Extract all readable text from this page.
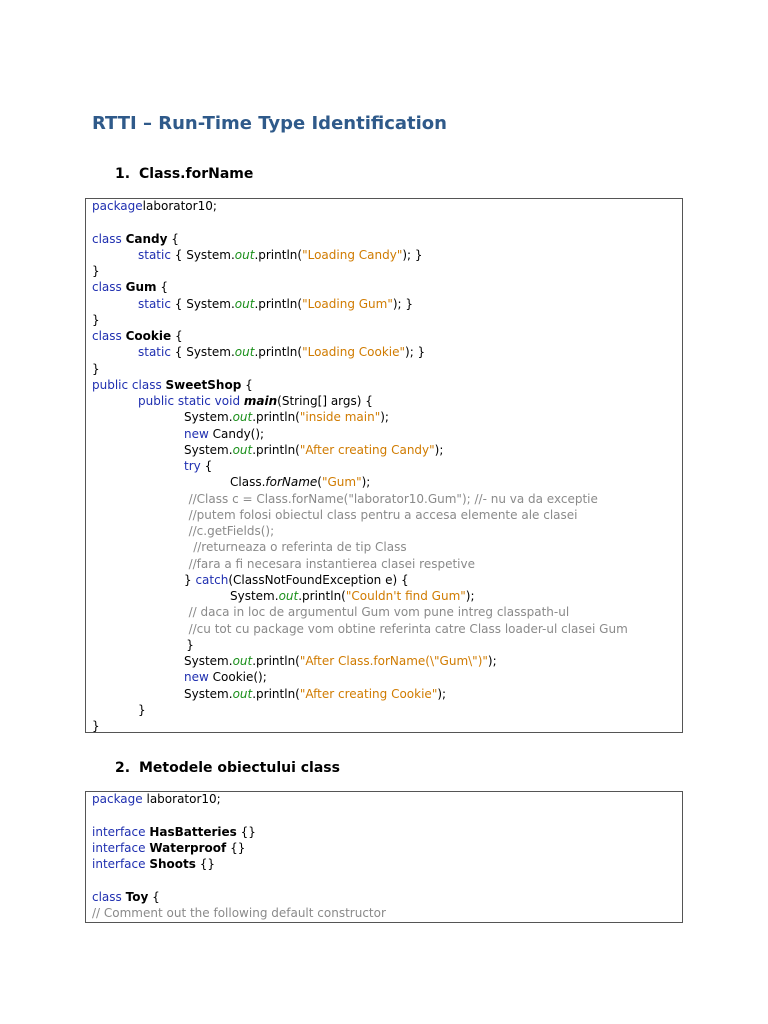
RTTI – Run-Time Type Identification
1. Class.forName
packagelaborator10;
class Candy {
static { System.out.println("Loading Candy"); }
}
class Gum {
static { System.out.println("Loading Gum"); }
}
class Cookie {
static { System.out.println("Loading Cookie"); }
}
public class SweetShop {
public static void main(String[] args) {
System.out.println("inside main");
new Candy();
System.out.println("After creating Candy");
try {
Class.forName("Gum");
//Class c = Class.forName("laborator10.Gum"); //- nu va da exceptie
//putem folosi obiectul class pentru a accesa elemente ale clasei
//c.getFields();
//returneaza o referinta de tip Class
//fara a fi necesara instantierea clasei respetive
} catch(ClassNotFoundException e) {
System.out.println("Couldn't find Gum");
// daca in loc de argumentul Gum vom pune intreg classpath-ul
//cu tot cu package vom obtine referinta catre Class loader-ul clasei Gum
}
System.out.println("After Class.forName(\"Gum\")");
new Cookie();
System.out.println("After creating Cookie");
}
}
2. Metodele obiectului class
package laborator10;
interface HasBatteries {}
interface Waterproof {}
interface Shoots {}
class Toy {
// Comment out the following default constructor
